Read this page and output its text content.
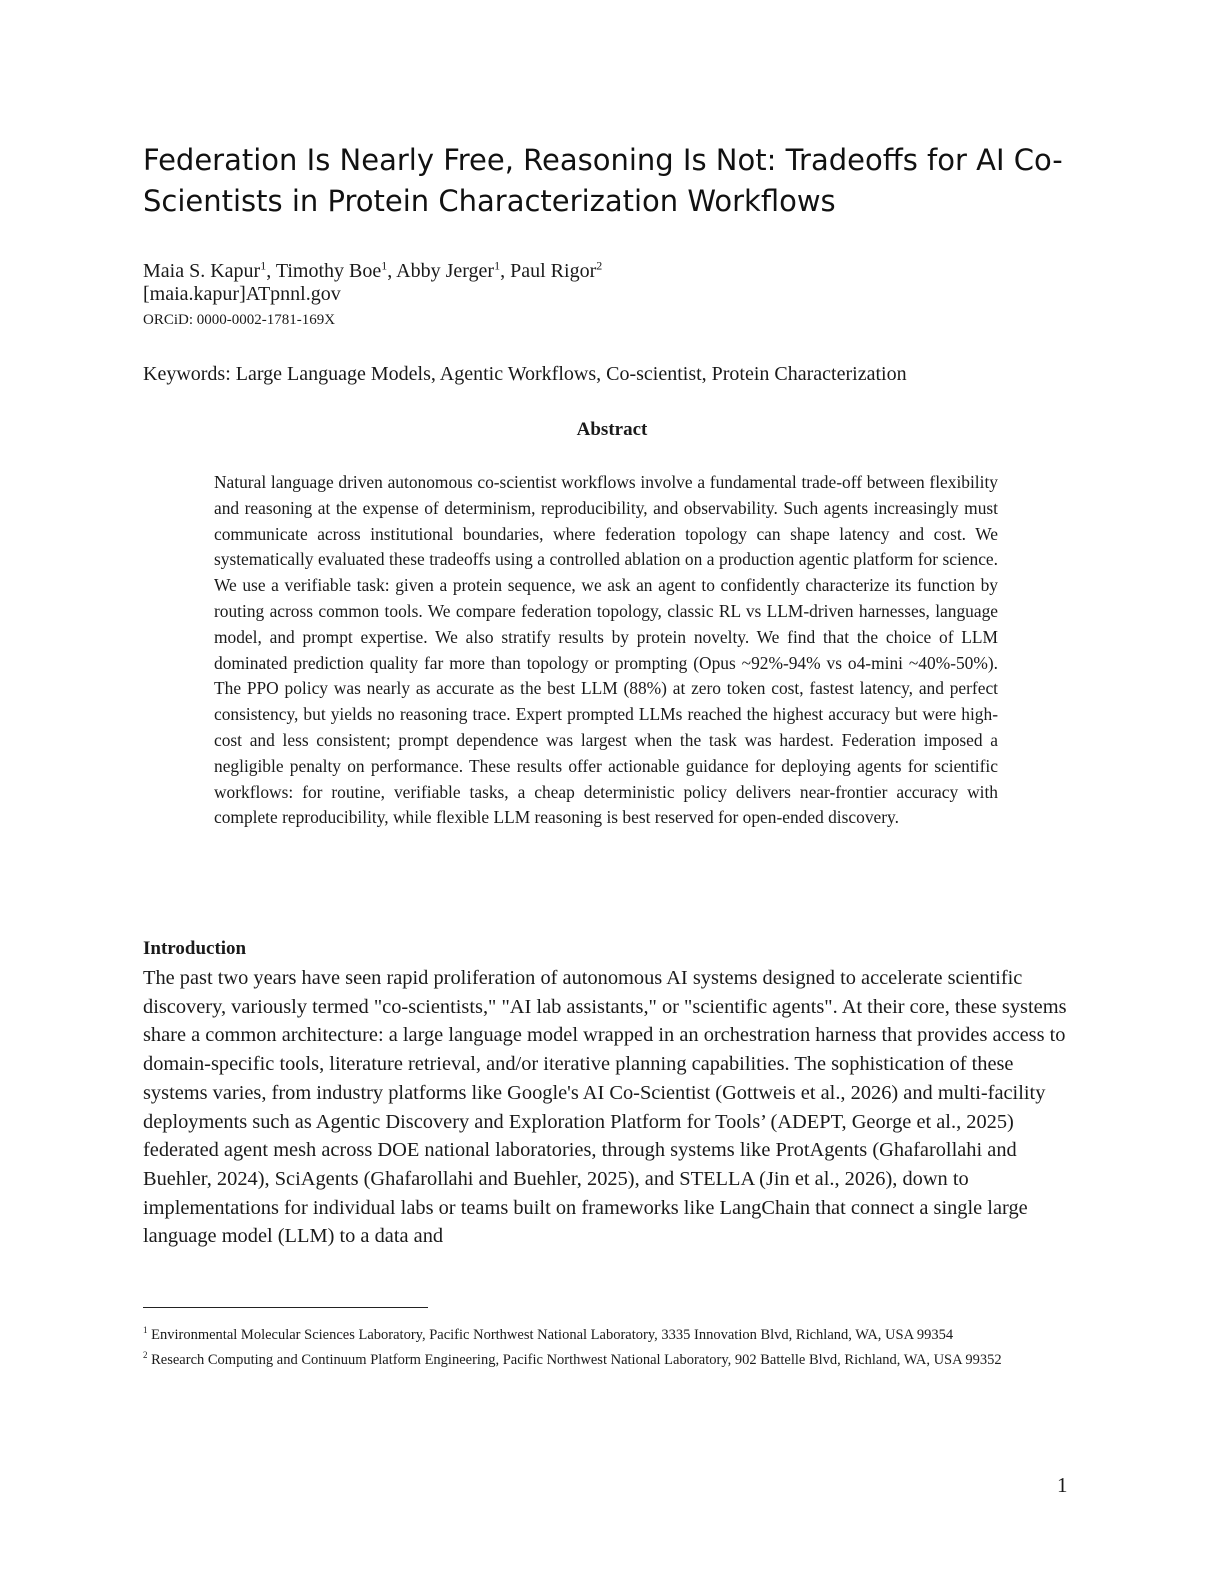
Federation Is Nearly Free, Reasoning Is Not: Tradeoffs for AI Co-Scientists in Protein Characterization Workflows
Maia S. Kapur$^1$, Timothy Boe$^1$, Abby Jerger$^1$, Paul Rigor$^2$
[maia.kapur]ATpnnl.gov
ORCiD: 0000-0002-1781-169X
Keywords: Large Language Models, Agentic Workflows, Co-scientist, Protein Characterization
Abstract

Natural language driven autonomous co-scientist workflows involve a fundamental trade-off between flexibility and reasoning at the expense of determinism, reproducibility, and observability. Such agents increasingly must communicate across institutional boundaries, where federation topology can shape latency and cost. We systematically evaluated these tradeoffs using a controlled ablation on a production agentic platform for science. We use a verifiable task: given a protein sequence, we ask an agent to confidently characterize its function by routing across common tools. We compare federation topology, classic RL vs LLM-driven harnesses, language model, and prompt expertise. We also stratify results by protein novelty. We find that the choice of LLM dominated prediction quality far more than topology or prompting (Opus ~92%-94% vs o4-mini ~40%-50%). The PPO policy was nearly as accurate as the best LLM (88%) at zero token cost, fastest latency, and perfect consistency, but yields no reasoning trace. Expert prompted LLMs reached the highest accuracy but were high-cost and less consistent; prompt dependence was largest when the task was hardest. Federation imposed a negligible penalty on performance. These results offer actionable guidance for deploying agents for scientific workflows: for routine, verifiable tasks, a cheap deterministic policy delivers near-frontier accuracy with complete reproducibility, while flexible LLM reasoning is best reserved for open-ended discovery.

Introduction

The past two years have seen rapid proliferation of autonomous AI systems designed to accelerate scientific discovery, variously termed "co-scientists," "AI lab assistants," or "scientific agents". At their core, these systems share a common architecture: a large language model wrapped in an orchestration harness that provides access to domain-specific tools, literature retrieval, and/or iterative planning capabilities. The sophistication of these systems varies, from industry platforms like Google's AI Co-Scientist (Gottweis et al., 2026) and multi-facility deployments such as Agentic Discovery and Exploration Platform for Tools’ (ADEPT, George et al., 2025) federated agent mesh across DOE national laboratories, through systems like ProtAgents (Ghafarollahi and Buehler, 2024), SciAgents (Ghafarollahi and Buehler, 2025), and STELLA (Jin et al., 2026), down to implementations for individual labs or teams built on frameworks like LangChain that connect a single large language model (LLM) to a data and

$^1$ Environmental Molecular Sciences Laboratory, Pacific Northwest National Laboratory, 3335 Innovation Blvd, Richland, WA, USA 99354

$^2$ Research Computing and Continuum Platform Engineering, Pacific Northwest National Laboratory, 902 Battelle Blvd, Richland, WA, USA 99352

1
